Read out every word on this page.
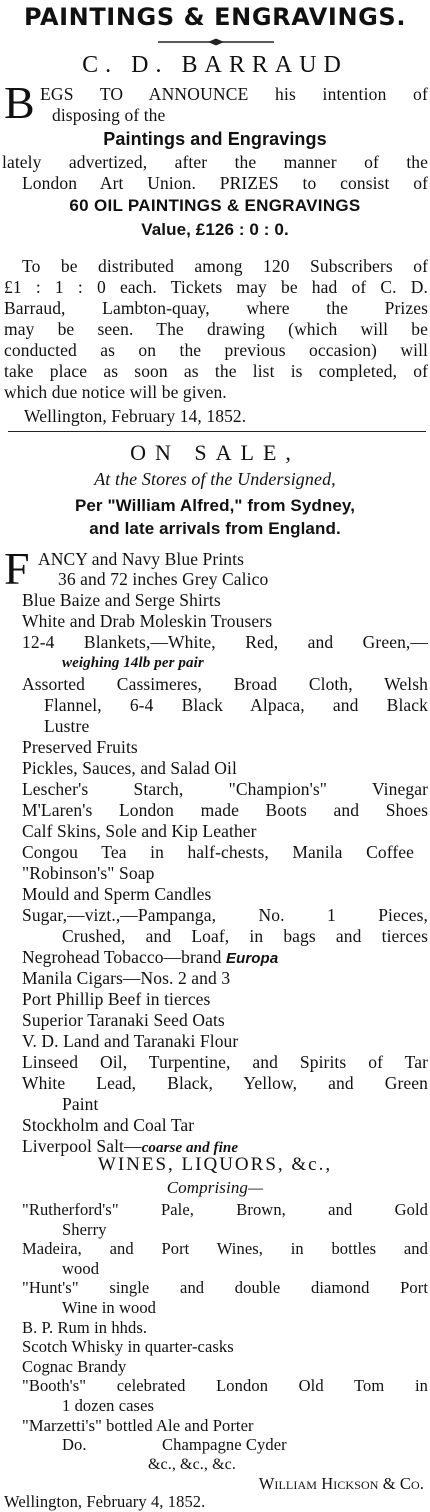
PAINTINGS & ENGRAVINGS.
C. D. BARRAUD
B EGS TO ANNOUNCE his intention of
disposing of the
Paintings and Engravings
lately advertized, after the manner of the
London Art Union. PRIZES to consist of
60 OIL PAINTINGS & ENGRAVINGS
Value, £126 : 0 : 0.
To be distributed among 120 Subscribers of
£1 : 1 : 0 each. Tickets may be had of C. D.
Barraud, Lambton-quay, where the Prizes
may be seen. The drawing (which will be
conducted as on the previous occasion) will
take place as soon as the list is completed, of
which due notice will be given.
Wellington, February 14, 1852.
ON SALE,
At the Stores of the Undersigned,
Per "William Alfred," from Sydney,
and late arrivals from England.
F ANCY and Navy Blue Prints
36 and 72 inches Grey Calico
Blue Baize and Serge Shirts
White and Drab Moleskin Trousers
12-4 Blankets,—White, Red, and Green,—
weighing 14lb per pair
Assorted Cassimeres, Broad Cloth, Welsh
Flannel, 6-4 Black Alpaca, and Black
Lustre
Preserved Fruits
Pickles, Sauces, and Salad Oil
Lescher's Starch, "Champion's" Vinegar
M'Laren's London made Boots and Shoes
Calf Skins, Sole and Kip Leather
Congou Tea in half-chests, Manila Coffee
"Robinson's" Soap
Mould and Sperm Candles
Sugar,—vizt.,—Pampanga, No. 1 Pieces,
Crushed, and Loaf, in bags and tierces
Negrohead Tobacco—brand Europa
Manila Cigars—Nos. 2 and 3
Port Phillip Beef in tierces
Superior Taranaki Seed Oats
V. D. Land and Taranaki Flour
Linseed Oil, Turpentine, and Spirits of Tar
White Lead, Black, Yellow, and Green
Paint
Stockholm and Coal Tar
Liverpool Salt—coarse and fine
WINES, LIQUORS, &c.,
Comprising—
"Rutherford's" Pale, Brown, and Gold
Sherry
Madeira, and Port Wines, in bottles and
wood
"Hunt's" single and double diamond Port
Wine in wood
B. P. Rum in hhds.
Scotch Whisky in quarter-casks
Cognac Brandy
"Booth's" celebrated London Old Tom in
1 dozen cases
"Marzetti's" bottled Ale and Porter
Do.	Champagne Cyder
&c., &c., &c.
William Hickson & Co.
Wellington, February 4, 1852.
